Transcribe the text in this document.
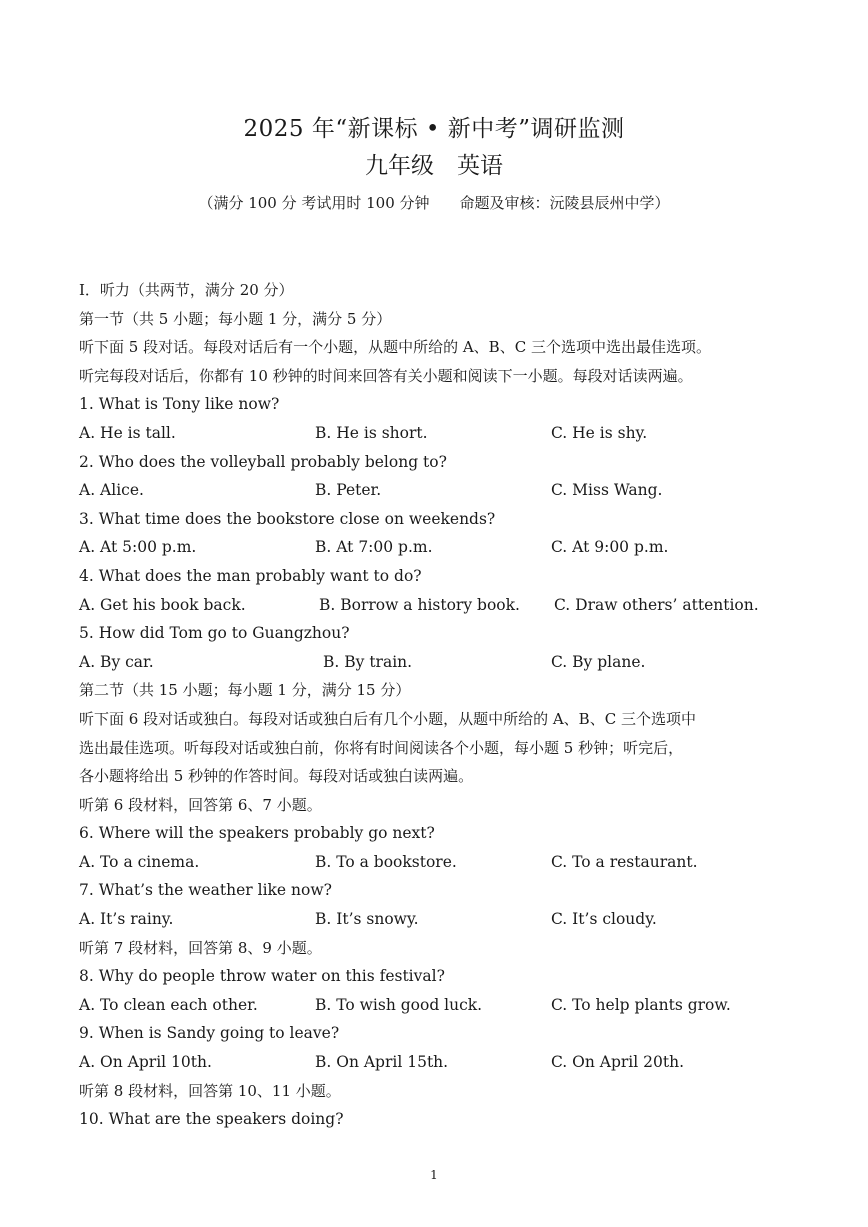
2025 年“新课标 • 新中考”调研监测
九年级　英语
（满分 100 分 考试用时 100 分钟　　命题及审核：沅陵县辰州中学）
I．听力（共两节，满分 20 分）
第一节（共 5 小题；每小题 1 分，满分 5 分）
听下面 5 段对话。每段对话后有一个小题，从题中所给的 A、B、C 三个选项中选出最佳选项。
听完每段对话后，你都有 10 秒钟的时间来回答有关小题和阅读下一小题。每段对话读两遍。
1. What is Tony like now?
A. He is tall.	B. He is short.	C. He is shy.
2. Who does the volleyball probably belong to?
A. Alice.	B. Peter.	C. Miss Wang.
3. What time does the bookstore close on weekends?
A. At 5:00 p.m.	B. At 7:00 p.m.	C. At 9:00 p.m.
4. What does the man probably want to do?
A. Get his book back.	B. Borrow a history book. C. Draw others’ attention.
5. How did Tom go to Guangzhou?
A. By car.	B. By train.	C. By plane.
第二节（共 15 小题；每小题 1 分，满分 15 分）
听下面 6 段对话或独白。每段对话或独白后有几个小题，从题中所给的 A、B、C 三个选项中
选出最佳选项。听每段对话或独白前，你将有时间阅读各个小题，每小题 5 秒钟；听完后，
各小题将给出 5 秒钟的作答时间。每段对话或独白读两遍。
听第 6 段材料，回答第 6、7 小题。
6. Where will the speakers probably go next?
A. To a cinema.	B. To a bookstore.	C. To a restaurant.
7. What’s the weather like now?
A. It’s rainy.	B. It’s snowy.	C. It’s cloudy.
听第 7 段材料，回答第 8、9 小题。
8. Why do people throw water on this festival?
A. To clean each other.	B. To wish good luck.	C. To help plants grow.
9. When is Sandy going to leave?
A. On April 10th.	B. On April 15th.	C. On April 20th.
听第 8 段材料，回答第 10、11 小题。
10. What are the speakers doing?
1
